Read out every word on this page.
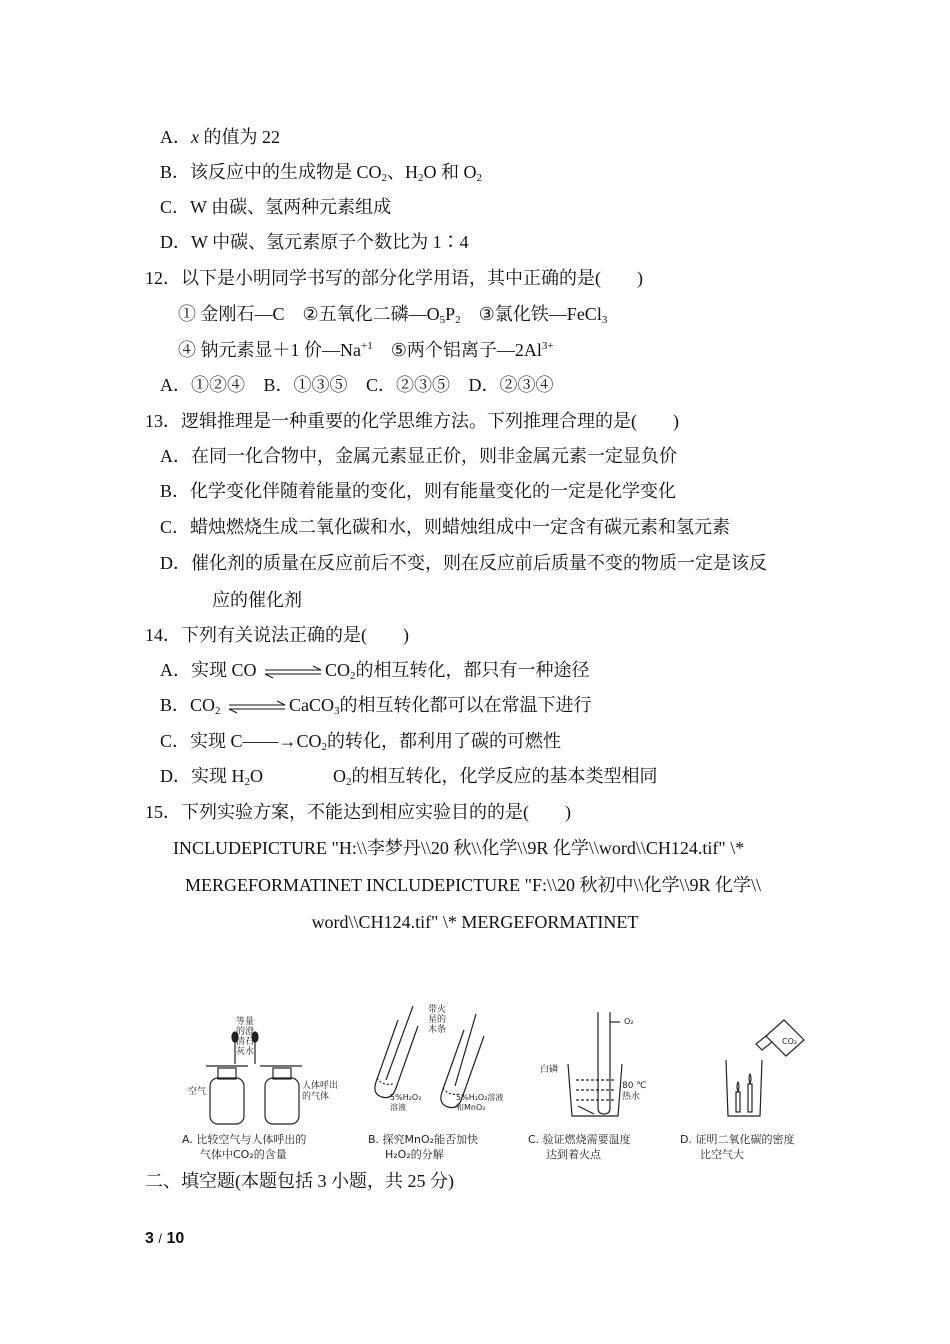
A．x 的值为 22
B．该反应中的生成物是 $CO_2$、$H_2O$ 和 $O_2$
C．W 由碳、氢两种元素组成
D．W 中碳、氢元素原子个数比为 1∶4
12．以下是小明同学书写的部分化学用语，其中正确的是(　　)
① 金刚石—C ②五氧化二磷$—O_5P_2$ ③氯化铁—FeCl$_3$
④ 钠元素显＋1 价$—Na^{+1}$ ⑤两个铝离子$—2Al^{3+}$
A．①②④ B．①③⑤ C．②③⑤ D．②③④
13．逻辑推理是一种重要的化学思维方法。下列推理合理的是(　　)
A．在同一化合物中，金属元素显正价，则非金属元素一定显负价
B．化学变化伴随着能量的变化，则有能量变化的一定是化学变化
C．蜡烛燃烧生成二氧化碳和水，则蜡烛组成中一定含有碳元素和氢元素
D．催化剂的质量在反应前后不变，则在反应前后质量不变的物质一定是该反
应的催化剂
14．下列有关说法正确的是(　　)
A．实现 CO ⇌ $CO_2$的相互转化，都只有一种途径
B．$CO_2$ ⇌ CaCO$_3$的相互转化都可以在常温下进行
C．实现 $C——\to CO_2$的转化，都利用了碳的可燃性
D．实现 $H_2O$	$O_2$的相互转化，化学反应的基本类型相同
15．下列实验方案，不能达到相应实验目的的是(　　)
INCLUDEPICTURE "H:\\李梦丹\\20 秋\\化学\\9R 化学\\word\\CH124.tif" \*
MERGEFORMATINET INCLUDEPICTURE "F:\\20 秋初中\\化学\\9R 化学\\
word\\CH124.tif" \* MERGEFORMATINET
等量
的澄
清石
灰水
空气
人体呼出
的气体
A. 比较空气与人体呼出的
气体中CO₂的含量
带火
星的
木条
5%H₂O₂
溶液
5%H₂O₂溶液
和MnO₂
B. 探究MnO₂能否加快
H₂O₂的分解
O₂
白磷
80 ℃
热水
C. 验证燃烧需要温度
达到着火点
CO₂
D. 证明二氧化碳的密度
比空气大
二、填空题(本题包括 3 小题，共 25 分)
3 / 10
